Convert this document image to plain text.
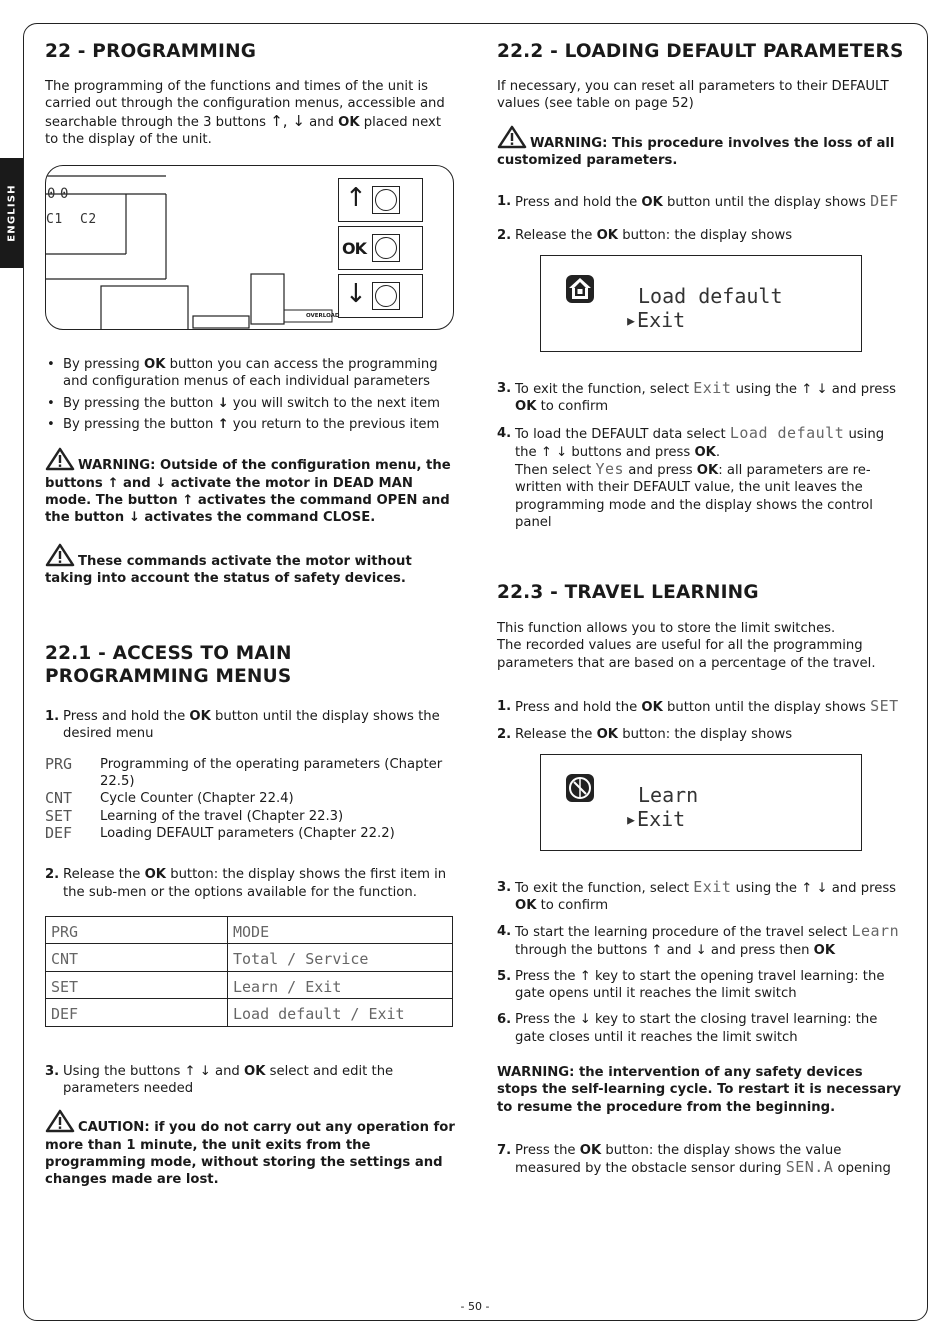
ENGLISH
22 - PROGRAMMING

The programming of the functions and times of the unit is carried out through the configuration menus, accessible and searchable through the 3 buttons ↑, ↓ and OK placed next to the display of the unit.

0 0
C1 C2
OVERLOAD
↑
OK
↓
• By pressing OK button you can access the programming and configuration menus of each individual parameters
• By pressing the button ↓ you will switch to the next item
• By pressing the button ↑ you return to the previous item

WARNING: Outside of the configuration menu, the buttons ↑ and ↓ activate the motor in DEAD MAN mode. The button ↑ activates the command OPEN and the button ↓ activates the command CLOSE.

These commands activate the motor without taking into account the status of safety devices.

22.1 - ACCESS TO MAIN PROGRAMMING MENUS
1. Press and hold the OK button until the display shows the desired menu
PRG	Programming of the operating parameters (Chapter 22.5)

CNT	Cycle Counter (Chapter 22.4)

SET	Learning of the travel (Chapter 22.3)

DEF	Loading DEFAULT parameters (Chapter 22.2)

2. Release the OK button: the display shows the first item in the sub-men or the options available for the function.
PRG	MODE
CNT	Total / Service
SET	Learn / Exit
DEF	Load default / Exit
3. Using the buttons ↑ ↓ and OK select and edit the parameters needed

CAUTION: if you do not carry out any operation for more than 1 minute, the unit exits from the programming mode, without storing the settings and changes made are lost.

22.2 - LOADING DEFAULT PARAMETERS

If necessary, you can reset all parameters to their DEFAULT values (see table on page 52)

WARNING: This procedure involves the loss of all customized parameters.

1. Press and hold the OK button until the display shows DEF
2. Release the OK button: the display shows
Load default
▸Exit
3. To exit the function, select Exit using the ↑ ↓ and press OK to confirm
4. To load the DEFAULT data select Load default using the ↑ ↓ buttons and press OK.
Then select Yes and press OK: all parameters are re-written with their DEFAULT value, the unit leaves the programming mode and the display shows the control panel
22.3 - TRAVEL LEARNING

This function allows you to store the limit switches.

The recorded values are useful for all the programming parameters that are based on a percentage of the travel.

1. Press and hold the OK button until the display shows SET
2. Release the OK button: the display shows
Learn
▸Exit
3. To exit the function, select Exit using the ↑ ↓ and press OK to confirm
4. To start the learning procedure of the travel select Learn through the buttons ↑ and ↓ and press then OK
5. Press the ↑ key to start the opening travel learning: the gate opens until it reaches the limit switch
6. Press the ↓ key to start the closing travel learning: the gate closes until it reaches the limit switch

WARNING: the intervention of any safety devices stops the self-learning cycle. To restart it is necessary to resume the procedure from the beginning.

7. Press the OK button: the display shows the value measured by the obstacle sensor during SEN.A opening
- 50 -
